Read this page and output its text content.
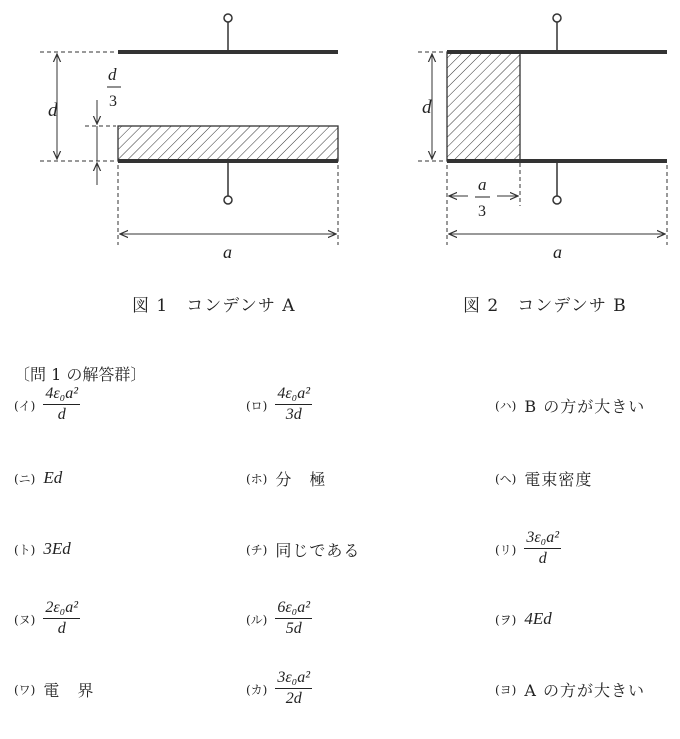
d
d
3
a
d
a
3
a
図 1　コンデンサ A	図 2　コンデンサ B
〔問 1 の解答群〕
(イ) $\frac{\text{4ε₀a²}}{d}$	(ロ) $\frac{\text{4ε₀a²}}{3d}$	(ハ) B の方が大きい
(ニ) Ed	(ホ) 分　極	(ヘ) 電束密度
(ト) 3Ed	(チ) 同じである	(リ) $\frac{\text{3ε₀a²}}{d}$
(ヌ) $\frac{\text{2ε₀a²}}{d}$	(ル) $\frac{\text{6ε₀a²}}{5d}$	(ヲ) 4Ed
(ワ) 電　界	(カ) $\frac{\text{3ε₀a²}}{2d}$	(ヨ) A の方が大きい
